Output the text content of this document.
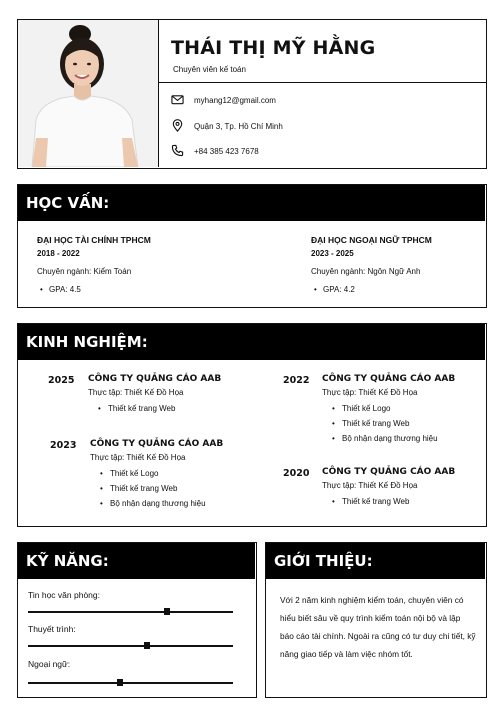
THÁI THỊ MỸ HẰNG
Chuyên viên kế toán
myhang12@gmail.com
Quận 3, Tp. Hồ Chí Minh
+84 385 423 7678
HỌC VẤN:
ĐẠI HỌC TÀI CHÍNH TPHCM
2018 - 2022
Chuyên ngành: Kiểm Toán
• GPA: 4.5
ĐẠI HỌC NGOẠI NGỮ TPHCM
2023 - 2025
Chuyên ngành: Ngôn Ngữ Anh
• GPA: 4.2
KINH NGHIỆM:
2025 CÔNG TY QUẢNG CÁO AAB
Thực tập: Thiết Kế Đồ Họa
• Thiết kế trang Web
2023 CÔNG TY QUẢNG CÁO AAB
Thực tập: Thiết Kế Đồ Họa
• Thiết kế Logo
• Thiết kế trang Web
• Bộ nhận dạng thương hiệu
2022 CÔNG TY QUẢNG CÁO AAB
Thực tập: Thiết Kế Đồ Họa
• Thiết kế Logo
• Thiết kế trang Web
• Bộ nhận dạng thương hiệu
2020 CÔNG TY QUẢNG CÁO AAB
Thực tập: Thiết Kế Đồ Họa
• Thiết kế trang Web
KỸ NĂNG:
Tin học văn phòng:
Thuyết trình:
Ngoại ngữ:
GIỚI THIỆU:
Với 2 năm kinh nghiệm kiểm toán, chuyên viên có hiểu biết sâu về quy trình kiểm toán nội bộ và lập báo cáo tài chính. Ngoài ra cũng có tư duy chi tiết, kỹ năng giao tiếp và làm việc nhóm tốt.
